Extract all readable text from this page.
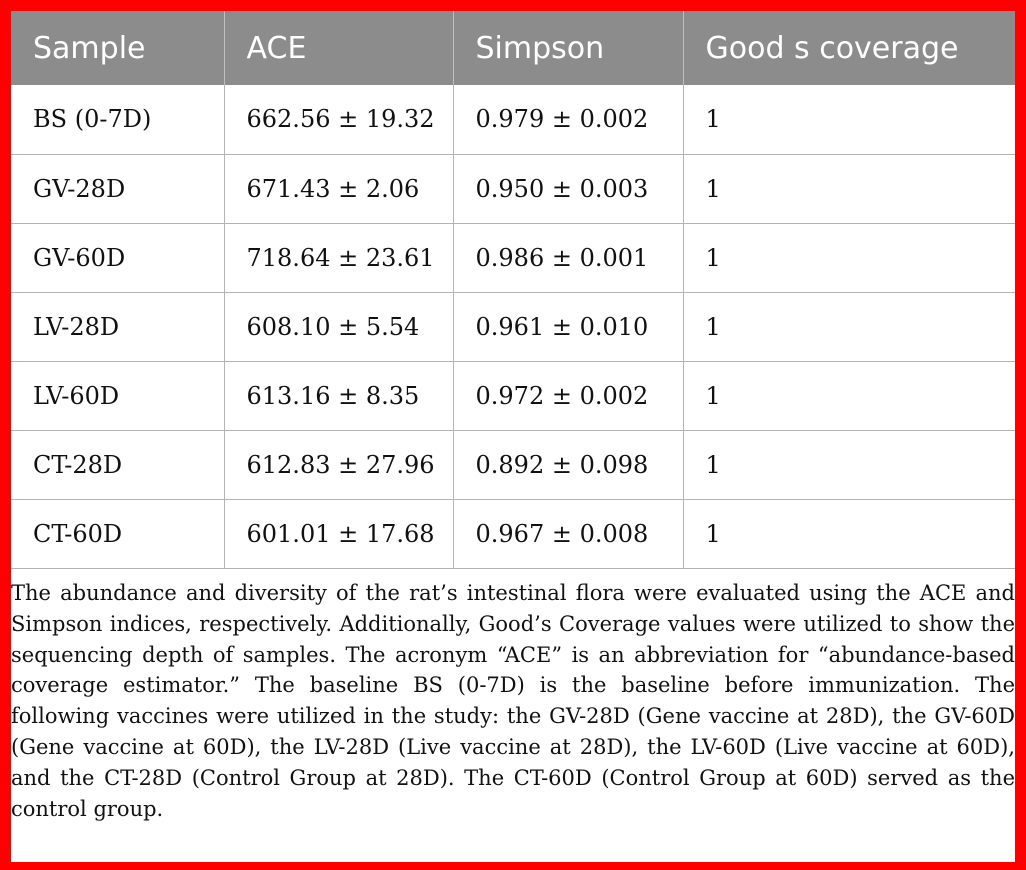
Sample	ACE	Simpson	Good s coverage
BS (0-7D)	662.56 ± 19.32	0.979 ± 0.002	1
GV-28D	671.43 ± 2.06	0.950 ± 0.003	1
GV-60D	718.64 ± 23.61	0.986 ± 0.001	1
LV-28D	608.10 ± 5.54	0.961 ± 0.010	1
LV-60D	613.16 ± 8.35	0.972 ± 0.002	1
CT-28D	612.83 ± 27.96	0.892 ± 0.098	1
CT-60D	601.01 ± 17.68	0.967 ± 0.008	1

The abundance and diversity of the rat’s intestinal flora were evaluated using the ACE and Simpson indices, respectively. Additionally, Good’s Coverage values were utilized to show the sequencing depth of samples. The acronym “ACE” is an abbreviation for “abundance-based coverage estimator.” The baseline BS (0-7D) is the baseline before immunization. The following vaccines were utilized in the study: the GV-28D (Gene vaccine at 28D), the GV-60D (Gene vaccine at 60D), the LV-28D (Live vaccine at 28D), the LV-60D (Live vaccine at 60D), and the CT-28D (Control Group at 28D). The CT-60D (Control Group at 60D) served as the control group.
